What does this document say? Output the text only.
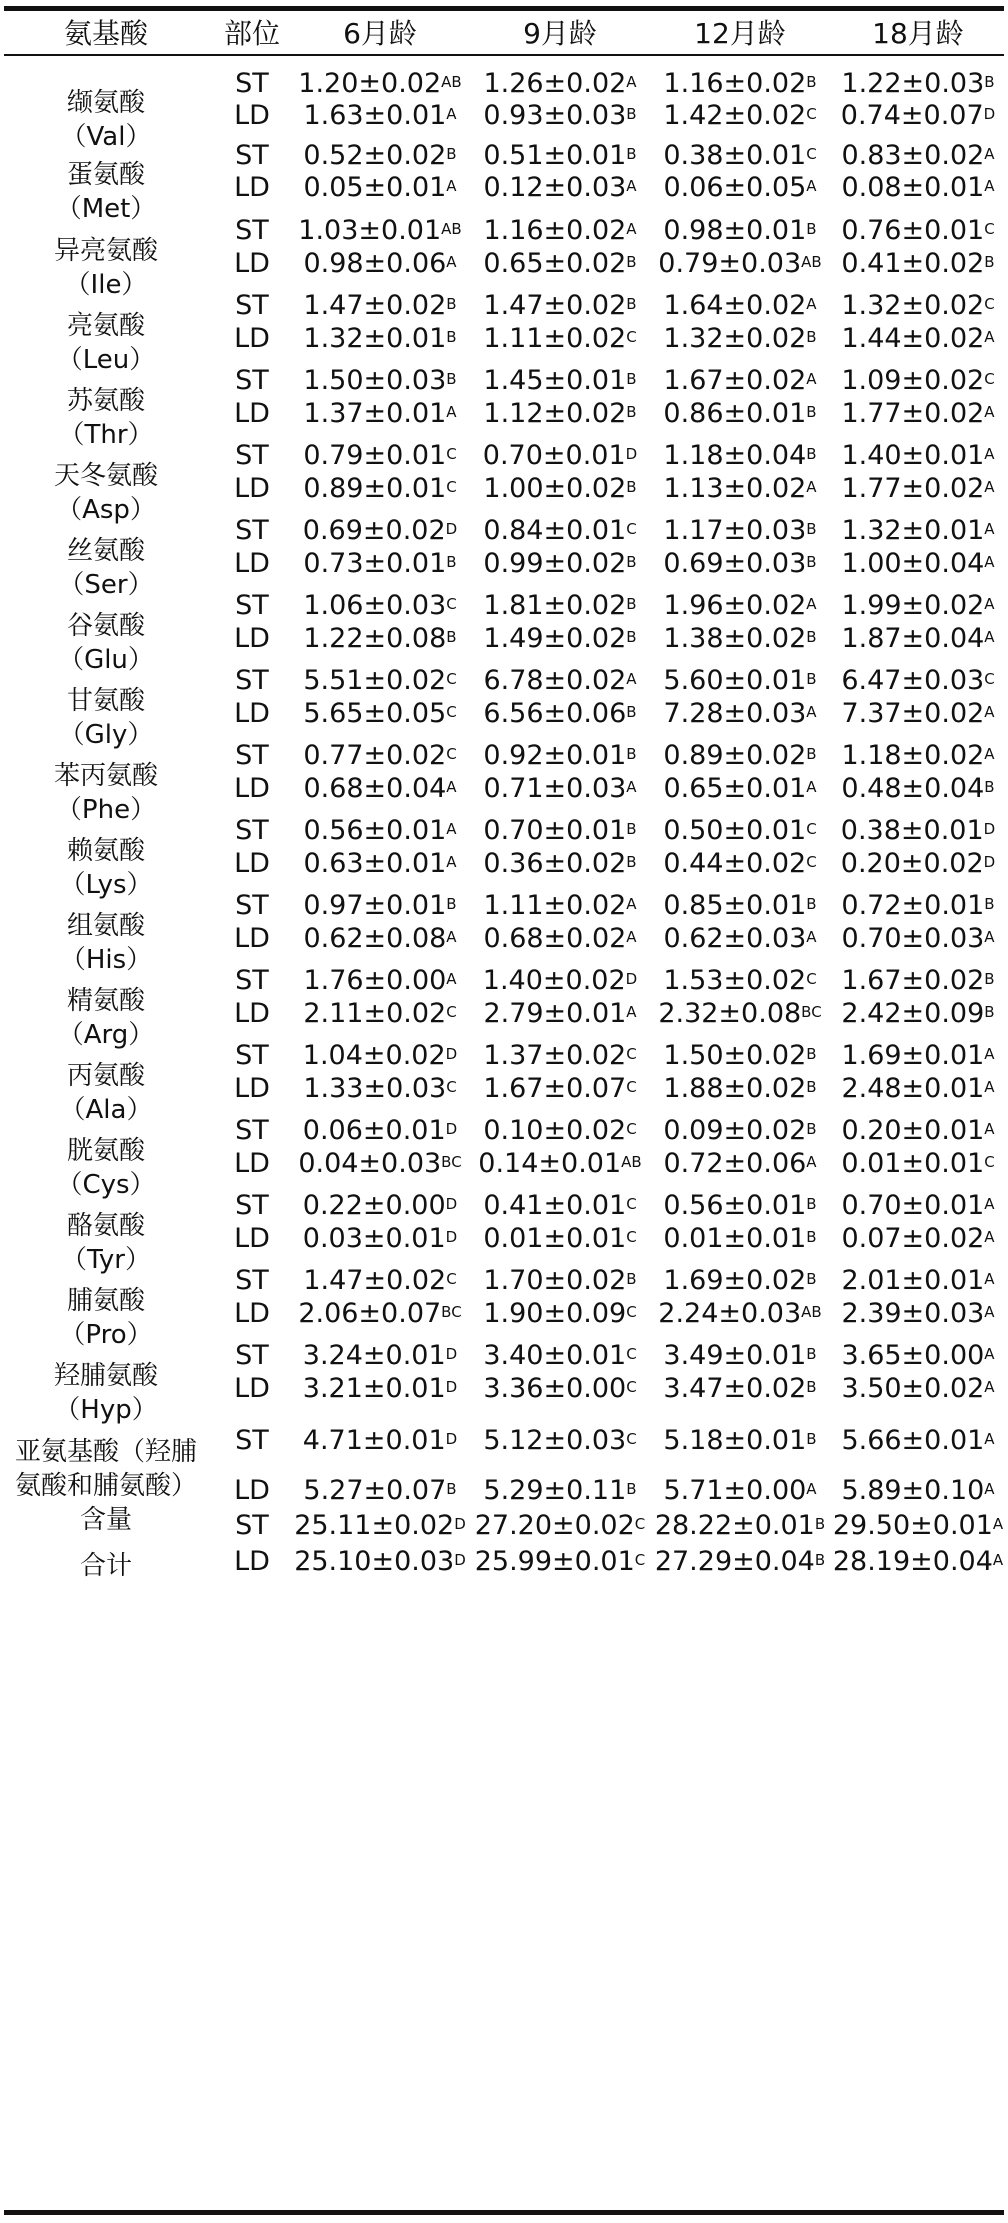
氨基酸	部位	6月龄	9月龄	12月龄	18月龄
缬氨酸
（Val）
ST	$1.20\pm 0.02^{AB}$ $1.26\pm 0.02^A$ $1.16\pm 0.02^B$ $1.22\pm 0.03^B$
LD	$1.63\pm 0.01^A$ $0.93\pm 0.03^B$ $1.42\pm 0.02^C$ $0.74\pm 0.07^D$
蛋氨酸
（Met）
ST	$0.52\pm 0.02^B$ $0.51\pm 0.01^B$ $0.38\pm 0.01^C$ $0.83\pm 0.02^A$
LD	$0.05\pm 0.01^A$ $0.12\pm 0.03^A$ $0.06\pm 0.05^A$ $0.08\pm 0.01^A$
异亮氨酸
（Ile）
ST	$1.03\pm 0.01^{AB}$ $1.16\pm 0.02^A$ $0.98\pm 0.01^B$ $0.76\pm 0.01^C$
LD	$0.98\pm 0.06^A$ $0.65\pm 0.02^B$ $0.79\pm 0.03^{AB}$ $0.41\pm 0.02^B$
亮氨酸
（Leu）
ST	$1.47\pm 0.02^B$ $1.47\pm 0.02^B$ $1.64\pm 0.02^A$ $1.32\pm 0.02^C$
LD	$1.32\pm 0.01^B$ $1.11\pm 0.02^C$ $1.32\pm 0.02^B$ $1.44\pm 0.02^A$
苏氨酸
（Thr）
ST	$1.50\pm 0.03^B$ $1.45\pm 0.01^B$ $1.67\pm 0.02^A$ $1.09\pm 0.02^C$
LD	$1.37\pm 0.01^A$ $1.12\pm 0.02^B$ $0.86\pm 0.01^B$ $1.77\pm 0.02^A$
天冬氨酸
（Asp）
ST	$0.79\pm 0.01^C$ $0.70\pm 0.01^D$ $1.18\pm 0.04^B$ $1.40\pm 0.01^A$
LD	$0.89\pm 0.01^C$ $1.00\pm 0.02^B$ $1.13\pm 0.02^A$ $1.77\pm 0.02^A$
丝氨酸
（Ser）
ST	$0.69\pm 0.02^D$ $0.84\pm 0.01^C$ $1.17\pm 0.03^B$ $1.32\pm 0.01^A$
LD	$0.73\pm 0.01^B$ $0.99\pm 0.02^B$ $0.69\pm 0.03^B$ $1.00\pm 0.04^A$
谷氨酸
（Glu）
ST	$1.06\pm 0.03^C$ $1.81\pm 0.02^B$ $1.96\pm 0.02^A$ $1.99\pm 0.02^A$
LD	$1.22\pm 0.08^B$ $1.49\pm 0.02^B$ $1.38\pm 0.02^B$ $1.87\pm 0.04^A$
甘氨酸
（Gly）
ST	$5.51\pm 0.02^C$ $6.78\pm 0.02^A$ $5.60\pm 0.01^B$ $6.47\pm 0.03^C$
LD	$5.65\pm 0.05^C$ $6.56\pm 0.06^B$ $7.28\pm 0.03^A$ $7.37\pm 0.02^A$
苯丙氨酸
（Phe）
ST	$0.77\pm 0.02^C$ $0.92\pm 0.01^B$ $0.89\pm 0.02^B$ $1.18\pm 0.02^A$
LD	$0.68\pm 0.04^A$ $0.71\pm 0.03^A$ $0.65\pm 0.01^A$ $0.48\pm 0.04^B$
赖氨酸
（Lys）
ST	$0.56\pm 0.01^A$ $0.70\pm 0.01^B$ $0.50\pm 0.01^C$ $0.38\pm 0.01^D$
LD	$0.63\pm 0.01^A$ $0.36\pm 0.02^B$ $0.44\pm 0.02^C$ $0.20\pm 0.02^D$
组氨酸
（His）
ST	$0.97\pm 0.01^B$ $1.11\pm 0.02^A$ $0.85\pm 0.01^B$ $0.72\pm 0.01^B$
LD	$0.62\pm 0.08^A$ $0.68\pm 0.02^A$ $0.62\pm 0.03^A$ $0.70\pm 0.03^A$
精氨酸
（Arg）
ST	$1.76\pm 0.00^A$ $1.40\pm 0.02^D$ $1.53\pm 0.02^C$ $1.67\pm 0.02^B$
LD	$2.11\pm 0.02^C$ $2.79\pm 0.01^A$ $2.32\pm 0.08^{BC}$ $2.42\pm 0.09^B$
丙氨酸
（Ala）
ST	$1.04\pm 0.02^D$ $1.37\pm 0.02^C$ $1.50\pm 0.02^B$ $1.69\pm 0.01^A$
LD	$1.33\pm 0.03^C$ $1.67\pm 0.07^C$ $1.88\pm 0.02^B$ $2.48\pm 0.01^A$
胱氨酸
（Cys）
ST	$0.06\pm 0.01^D$ $0.10\pm 0.02^C$ $0.09\pm 0.02^B$ $0.20\pm 0.01^A$
LD	$0.04\pm 0.03^{BC}$ $0.14\pm 0.01^{AB}$ $0.72\pm 0.06^A$ $0.01\pm 0.01^C$
酪氨酸
（Tyr）
ST	$0.22\pm 0.00^D$ $0.41\pm 0.01^C$ $0.56\pm 0.01^B$ $0.70\pm 0.01^A$
LD	$0.03\pm 0.01^D$ $0.01\pm 0.01^C$ $0.01\pm 0.01^B$ $0.07\pm 0.02^A$
脯氨酸
（Pro）
ST	$1.47\pm 0.02^C$ $1.70\pm 0.02^B$ $1.69\pm 0.02^B$ $2.01\pm 0.01^A$
LD	$2.06\pm 0.07^{BC}$ $1.90\pm 0.09^C$ $2.24\pm 0.03^{AB}$ $2.39\pm 0.03^A$
羟脯氨酸
（Hyp）
ST	$3.24\pm 0.01^D$ $3.40\pm 0.01^C$ $3.49\pm 0.01^B$ $3.65\pm 0.00^A$
LD	$3.21\pm 0.01^D$ $3.36\pm 0.00^C$ $3.47\pm 0.02^B$ $3.50\pm 0.02^A$
亚氨基酸（羟脯
氨酸和脯氨酸）
含量
ST	$4.71\pm 0.01^D$ $5.12\pm 0.03^C$ $5.18\pm 0.01^B$ $5.66\pm 0.01^A$
LD	$5.27\pm 0.07^B$ $5.29\pm 0.11^B$ $5.71\pm 0.00^A$ $5.89\pm 0.10^A$
合计
ST $25.11\pm 0.02^D$ $27.20\pm 0.02^C$ $28.22\pm 0.01^B$ $29.50\pm 0.01^A$
LD $25.10\pm 0.03^D$ $25.99\pm 0.01^C$ $27.29\pm 0.04^B$ $28.19\pm 0.04^A$
